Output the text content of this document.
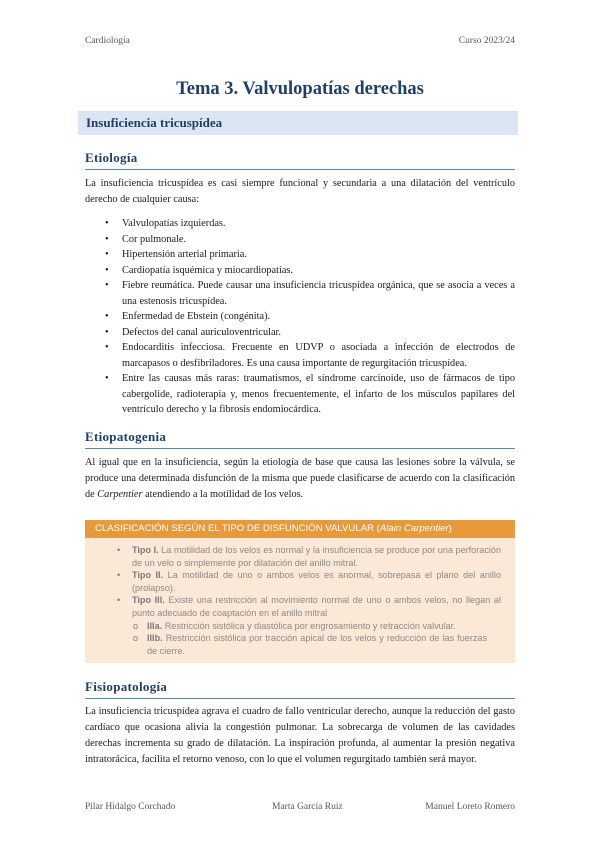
Cardiología	Curso 2023/24
Tema 3. Valvulopatías derechas
Insuficiencia tricuspídea
Etiología
La insuficiencia tricuspídea es casi siempre funcional y secundaria a una dilatación del ventrículo derecho de cualquier causa:
• Valvulopatías izquierdas.
• Cor pulmonale.
• Hipertensión arterial primaria.
• Cardiopatía isquémica y miocardiopatías.
• Fiebre reumática. Puede causar una insuficiencia tricuspídea orgánica, que se asocia a veces a una estenosis tricuspídea.
• Enfermedad de Ebstein (congénita).
• Defectos del canal auriculoventricular.
• Endocarditis infecciosa. Frecuente en UDVP o asociada a infección de electrodos de marcapasos o desfibriladores. Es una causa importante de regurgitación tricuspídea.
• Entre las causas más raras: traumatismos, el síndrome carcinoide, uso de fármacos de tipo cabergolide, radioterapia y, menos frecuentemente, el infarto de los músculos papilares del ventrículo derecho y la fibrosis endomiocárdica.
Etiopatogenia
Al igual que en la insuficiencia, según la etiología de base que causa las lesiones sobre la válvula, se produce una determinada disfunción de la misma que puede clasificarse de acuerdo con la clasificación de Carpentier atendiendo a la motilidad de los velos.
CLASIFICACIÓN SEGÚN EL TIPO DE DISFUNCIÓN VALVULAR (Alain Carpentier)
• Tipo I. La motilidad de los velos es normal y la insuficiencia se produce por una perforación de un velo o simplemente por dilatación del anillo mitral.
• Tipo II. La motilidad de uno o ambos velos es anormal, sobrepasa el plano del anillo (prolapso).
• Tipo III. Existe una restricción al movimiento normal de uno o ambos velos, no llegan al punto adecuado de coaptación en el anillo mitral
o IIIa. Restricción sistólica y diastólica por engrosamiento y retracción valvular.
o IIIb. Restricción sistólica por tracción apical de los velos y reducción de las fuerzas de cierre.
Fisiopatología
La insuficiencia tricuspídea agrava el cuadro de fallo ventricular derecho, aunque la reducción del gasto cardíaco que ocasiona alivia la congestión pulmonar. La sobrecarga de volumen de las cavidades derechas incrementa su grado de dilatación. La inspiración profunda, al aumentar la presión negativa intratorácica, facilita el retorno venoso, con lo que el volumen regurgitado también será mayor.
Pilar Hidalgo Corchado	Marta García Ruiz	Manuel Loreto Romero
